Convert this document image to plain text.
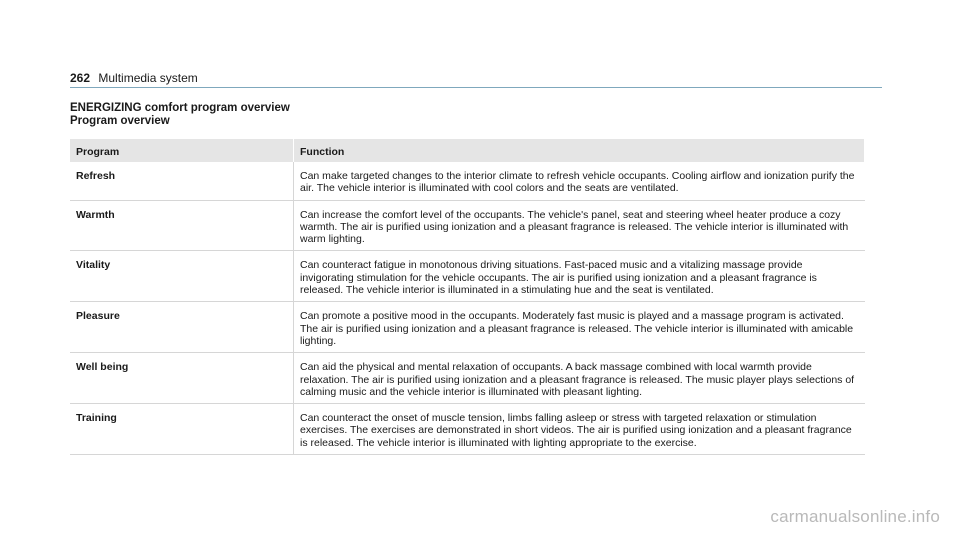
262 Multimedia system
ENERGIZING comfort program overview
Program overview
Program	Function
Refresh	Can make targeted changes to the interior climate to refresh vehicle occupants. Cooling airflow and ionization purify the air. The vehicle interior is illuminated with cool colors and the seats are ventilated.
Warmth	Can increase the comfort level of the occupants. The vehicle's panel, seat and steering wheel heater produce a cozy warmth. The air is purified using ionization and a pleasant fragrance is released. The vehicle interior is illuminated with warm lighting.
Vitality	Can counteract fatigue in monotonous driving situations. Fast-paced music and a vitalizing massage provide invigorating stimulation for the vehicle occupants. The air is purified using ionization and a pleasant fragrance is released. The vehicle interior is illuminated in a stimulating hue and the seat is ventilated.
Pleasure	Can promote a positive mood in the occupants. Moderately fast music is played and a massage program is activated. The air is purified using ionization and a pleasant fragrance is released. The vehicle interior is illuminated with amicable lighting.
Well being	Can aid the physical and mental relaxation of occupants. A back massage combined with local warmth provide relaxation. The air is purified using ionization and a pleasant fragrance is released. The music player plays selections of calming music and the vehicle interior is illuminated with pleasant lighting.
Training	Can counteract the onset of muscle tension, limbs falling asleep or stress with targeted relaxation or stimulation exercises. The exercises are demonstrated in short videos. The air is purified using ionization and a pleasant fragrance is released. The vehicle interior is illuminated with lighting appropriate to the exercise.
carmanualsonline.info
